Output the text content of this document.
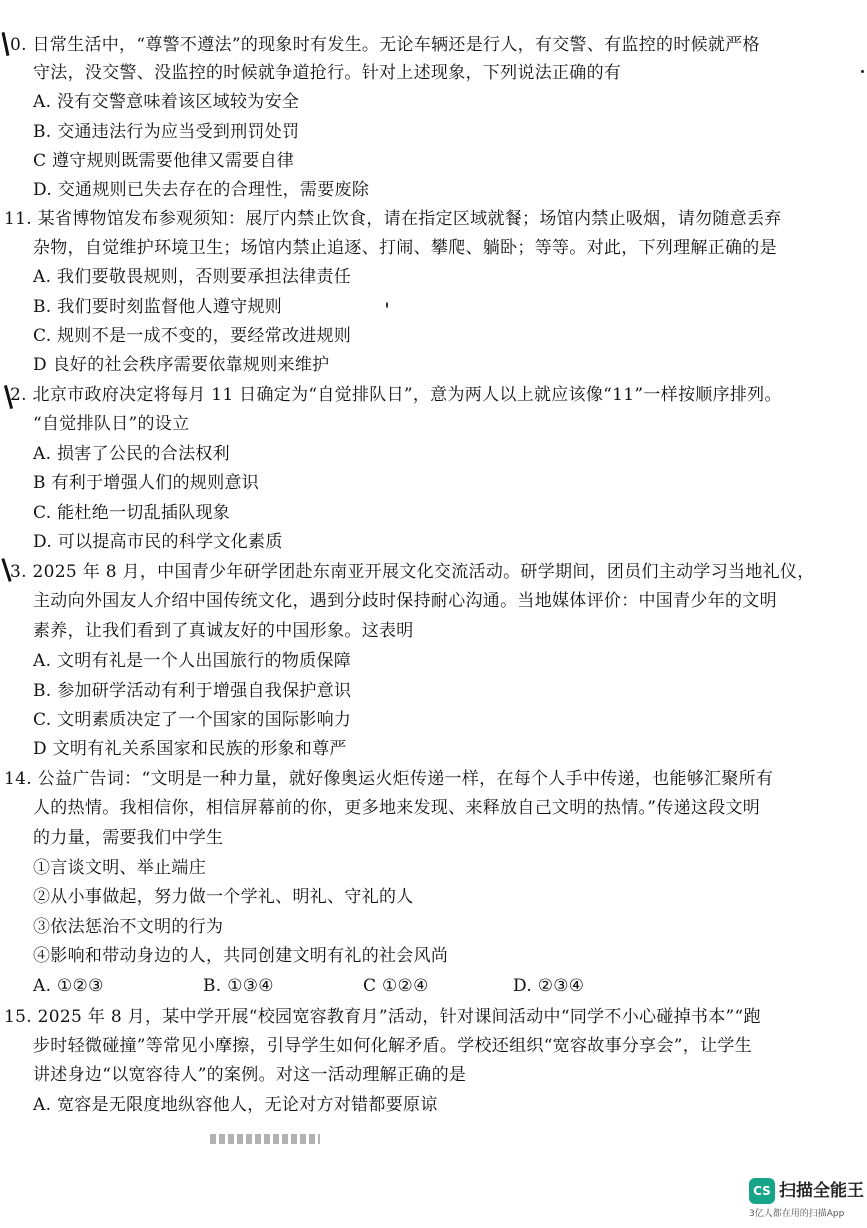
0. 日常生活中，“尊警不遵法”的现象时有发生。无论车辆还是行人，有交警、有监控的时候就严格
守法，没交警、没监控的时候就争道抢行。针对上述现象，下列说法正确的有
A. 没有交警意味着该区域较为安全
B. 交通违法行为应当受到刑罚处罚
C 遵守规则既需要他律又需要自律
D. 交通规则已失去存在的合理性，需要废除
11. 某省博物馆发布参观须知：展厅内禁止饮食，请在指定区域就餐；场馆内禁止吸烟，请勿随意丢弃
杂物，自觉维护环境卫生；场馆内禁止追逐、打闹、攀爬、躺卧；等等。对此，下列理解正确的是
A. 我们要敬畏规则，否则要承担法律责任
B. 我们要时刻监督他人遵守规则
C. 规则不是一成不变的，要经常改进规则
D 良好的社会秩序需要依靠规则来维护
2. 北京市政府决定将每月 11 日确定为“自觉排队日”，意为两人以上就应该像“11”一样按顺序排列。
“自觉排队日”的设立
A. 损害了公民的合法权利
B 有利于增强人们的规则意识
C. 能杜绝一切乱插队现象
D. 可以提高市民的科学文化素质
3. 2025 年 8 月，中国青少年研学团赴东南亚开展文化交流活动。研学期间，团员们主动学习当地礼仪，
主动向外国友人介绍中国传统文化，遇到分歧时保持耐心沟通。当地媒体评价：中国青少年的文明
素养，让我们看到了真诚友好的中国形象。这表明
A. 文明有礼是一个人出国旅行的物质保障
B. 参加研学活动有利于增强自我保护意识
C. 文明素质决定了一个国家的国际影响力
D 文明有礼关系国家和民族的形象和尊严
14. 公益广告词：“文明是一种力量，就好像奥运火炬传递一样，在每个人手中传递，也能够汇聚所有
人的热情。我相信你，相信屏幕前的你，更多地来发现、来释放自己文明的热情。”传递这段文明
的力量，需要我们中学生
①言谈文明、举止端庄
②从小事做起，努力做一个学礼、明礼、守礼的人
③依法惩治不文明的行为
④影响和带动身边的人，共同创建文明有礼的社会风尚
A. ①②③	B. ①③④	C ①②④	D. ②③④
15. 2025 年 8 月，某中学开展“校园宽容教育月”活动，针对课间活动中“同学不小心碰掉书本”“跑
步时轻微碰撞”等常见小摩擦，引导学生如何化解矛盾。学校还组织“宽容故事分享会”，让学生
讲述身边“以宽容待人”的案例。对这一活动理解正确的是
A. 宽容是无限度地纵容他人，无论对方对错都要原谅
CS 扫描全能王
3亿人都在用的扫描App
